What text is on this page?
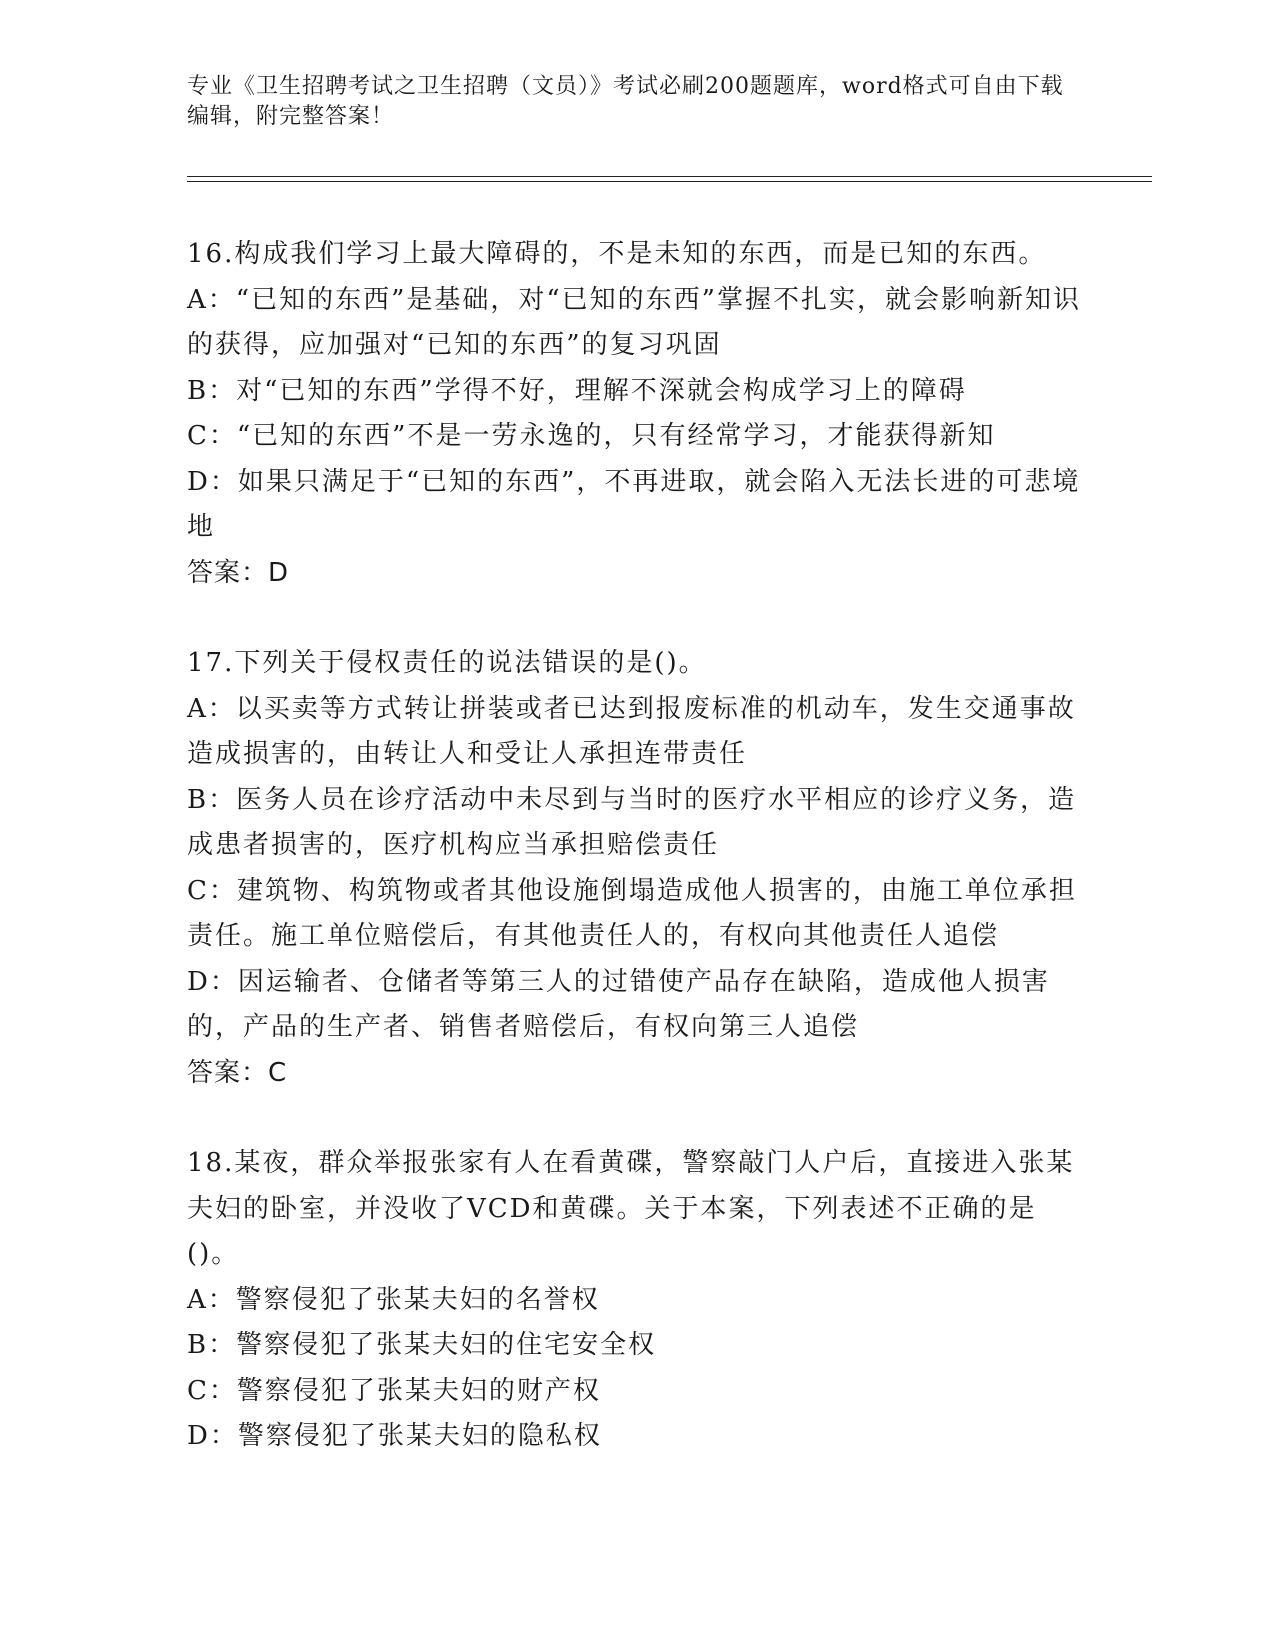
专业《卫生招聘考试之卫生招聘（文员）》考试必刷200题题库，word格式可自由下载编辑，附完整答案！
16.构成我们学习上最大障碍的，不是未知的东西，而是已知的东西。
A：“已知的东西”是基础，对“已知的东西”掌握不扎实，就会影响新知识的获得，应加强对“已知的东西”的复习巩固
B：对“已知的东西”学得不好，理解不深就会构成学习上的障碍
C：“已知的东西”不是一劳永逸的，只有经常学习，才能获得新知
D：如果只满足于“已知的东西”，不再进取，就会陷入无法长进的可悲境地
答案：D
17.下列关于侵权责任的说法错误的是()。
A：以买卖等方式转让拼装或者已达到报废标准的机动车，发生交通事故造成损害的，由转让人和受让人承担连带责任
B：医务人员在诊疗活动中未尽到与当时的医疗水平相应的诊疗义务，造成患者损害的，医疗机构应当承担赔偿责任
C：建筑物、构筑物或者其他设施倒塌造成他人损害的，由施工单位承担责任。施工单位赔偿后，有其他责任人的，有权向其他责任人追偿
D：因运输者、仓储者等第三人的过错使产品存在缺陷，造成他人损害的，产品的生产者、销售者赔偿后，有权向第三人追偿
答案：C
18.某夜，群众举报张家有人在看黄碟，警察敲门人户后，直接进入张某夫妇的卧室，并没收了VCD和黄碟。关于本案，下列表述不正确的是()。
A：警察侵犯了张某夫妇的名誉权
B：警察侵犯了张某夫妇的住宅安全权
C：警察侵犯了张某夫妇的财产权
D：警察侵犯了张某夫妇的隐私权
